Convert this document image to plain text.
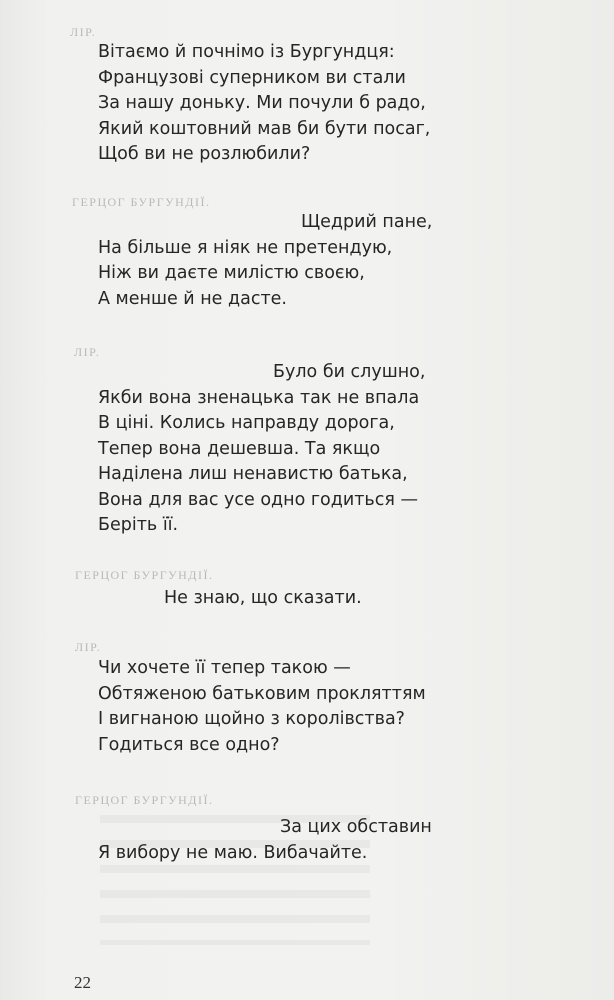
ЛІР.
Вітаємо й почнімо із Бургундця:
Французові суперником ви стали
За нашу доньку. Ми почули б радо,
Який коштовний мав би бути посаг,
Щоб ви не розлюбили?
ГЕРЦОГ БУРГУНДІЇ.
Щедрий пане,
На більше я ніяк не претендую,
Ніж ви даєте милістю своєю,
А менше й не дасте.
ЛІР.
Було би слушно,
Якби вона зненацька так не впала
В ціні. Колись направду дорога,
Тепер вона дешевша. Та якщо
Наділена лиш ненавистю батька,
Вона для вас усе одно годиться —
Беріть її.
ГЕРЦОГ БУРГУНДІЇ.
Не знаю, що сказати.
ЛІР.
Чи хочете її тепер такою —
Обтяженою батьковим прокляттям
І вигнаною щойно з королівства?
Годиться все одно?
ГЕРЦОГ БУРГУНДІЇ.
За цих обставин
Я вибору не маю. Вибачайте.
22
